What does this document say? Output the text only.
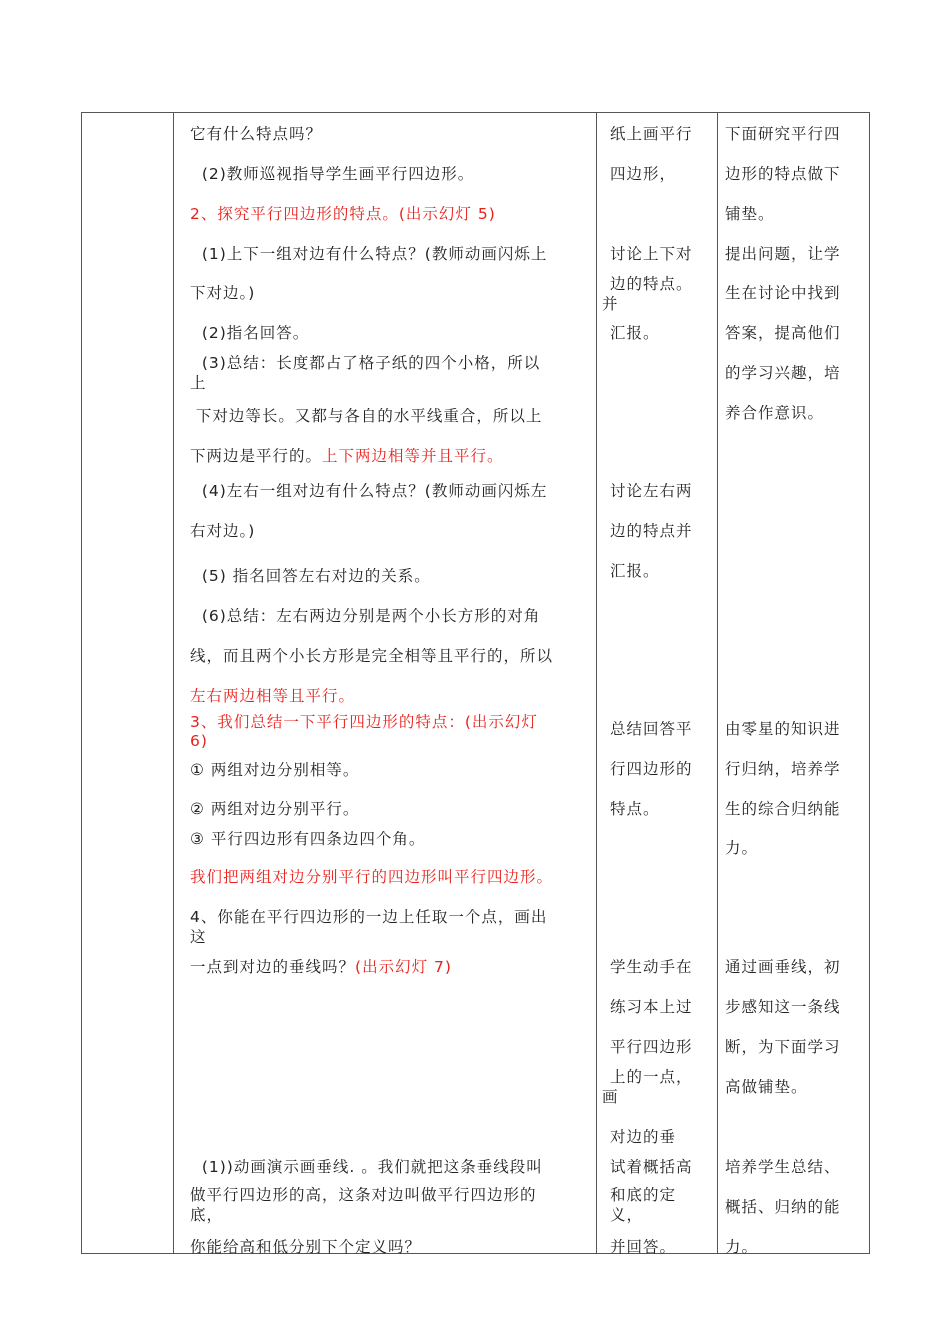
它有什么特点吗？
(2)教师巡视指导学生画平行四边形。
2、探究平行四边形的特点。(出示幻灯 5)
(1)上下一组对边有什么特点？(教师动画闪烁上
下对边。)
(2)指名回答。
(3)总结：长度都占了格子纸的四个小格，所以
上
下对边等长。又都与各自的水平线重合，所以上
下两边是平行的。上下两边相等并且平行。
(4)左右一组对边有什么特点？(教师动画闪烁左
右对边。)
(5) 指名回答左右对边的关系。
(6)总结：左右两边分别是两个小长方形的对角
线，而且两个小长方形是完全相等且平行的，所以
左右两边相等且平行。
3、我们总结一下平行四边形的特点：(出示幻灯
6)
① 两组对边分别相等。
② 两组对边分别平行。
③ 平行四边形有四条边四个角。
我们把两组对边分别平行的四边形叫平行四边形。
4、你能在平行四边形的一边上任取一个点，画出
这
一点到对边的垂线吗？(出示幻灯 7)
(1))动画演示画垂线. 。我们就把这条垂线段叫
做平行四边形的高，这条对边叫做平行四边形的
底，
你能给高和低分别下个定义吗？
纸上画平行
四边形，
讨论上下对
边的特点。
并
汇报。
讨论左右两
边的特点并
汇报。
总结回答平
行四边形的
特点。
学生动手在
练习本上过
平行四边形
上的一点，
画
对边的垂
试着概括高
和底的定
义，
并回答。
下面研究平行四
边形的特点做下
铺垫。
提出问题，让学
生在讨论中找到
答案，提高他们
的学习兴趣，培
养合作意识。
由零星的知识进
行归纳，培养学
生的综合归纳能
力。
通过画垂线，初
步感知这一条线
断，为下面学习
高做铺垫。
培养学生总结、
概括、归纳的能
力。
